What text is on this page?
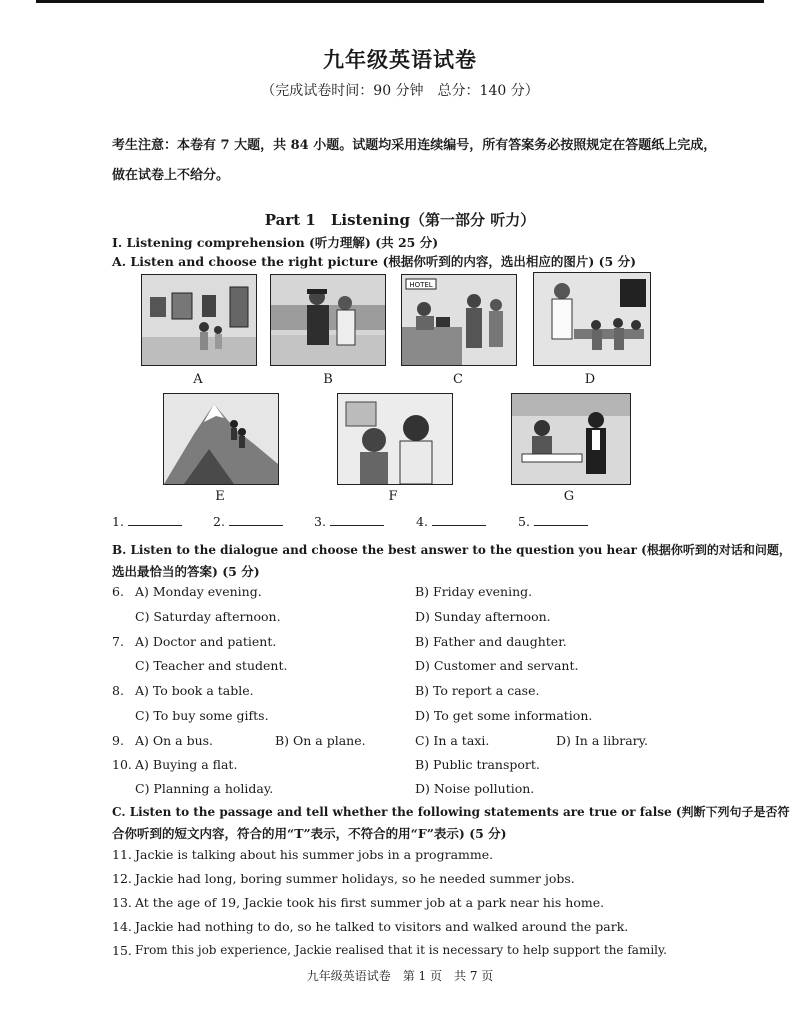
九年级英语试卷
（完成试卷时间：90 分钟　总分：140 分）
考生注意：本卷有 7 大题，共 84 小题。试题均采用连续编号，所有答案务必按照规定在答题纸上完成，
做在试卷上不给分。
Part 1　Listening（第一部分 听力）
I. Listening comprehension (听力理解) (共 25 分)
A. Listen and choose the right picture (根据你听到的内容，选出相应的图片) (5 分)
A	B
HOTEL
C	D
E	F	G
1.	2.	3.	4.	5.
B. Listen to the dialogue and choose the best answer to the question you hear (根据你听到的对话和问题，
选出最恰当的答案) (5 分)
6. A) Monday evening.	B) Friday evening.
C) Saturday afternoon.	D) Sunday afternoon.
7. A) Doctor and patient.	B) Father and daughter.
C) Teacher and student.	D) Customer and servant.
8. A) To book a table.	B) To report a case.
C) To buy some gifts.	D) To get some information.
9. A) On a bus.	B) On a plane.	C) In a taxi.	D) In a library.
10. A) Buying a flat.	B) Public transport.
C) Planning a holiday.	D) Noise pollution.
C. Listen to the passage and tell whether the following statements are true or false (判断下列句子是否符
合你听到的短文内容，符合的用“T”表示，不符合的用“F”表示) (5 分)
11. Jackie is talking about his summer jobs in a programme.
12. Jackie had long, boring summer holidays, so he needed summer jobs.
13. At the age of 19, Jackie took his first summer job at a park near his home.
14. Jackie had nothing to do, so he talked to visitors and walked around the park.
15. From this job experience, Jackie realised that it is necessary to help support the family.
九年级英语试卷　第 1 页　共 7 页
